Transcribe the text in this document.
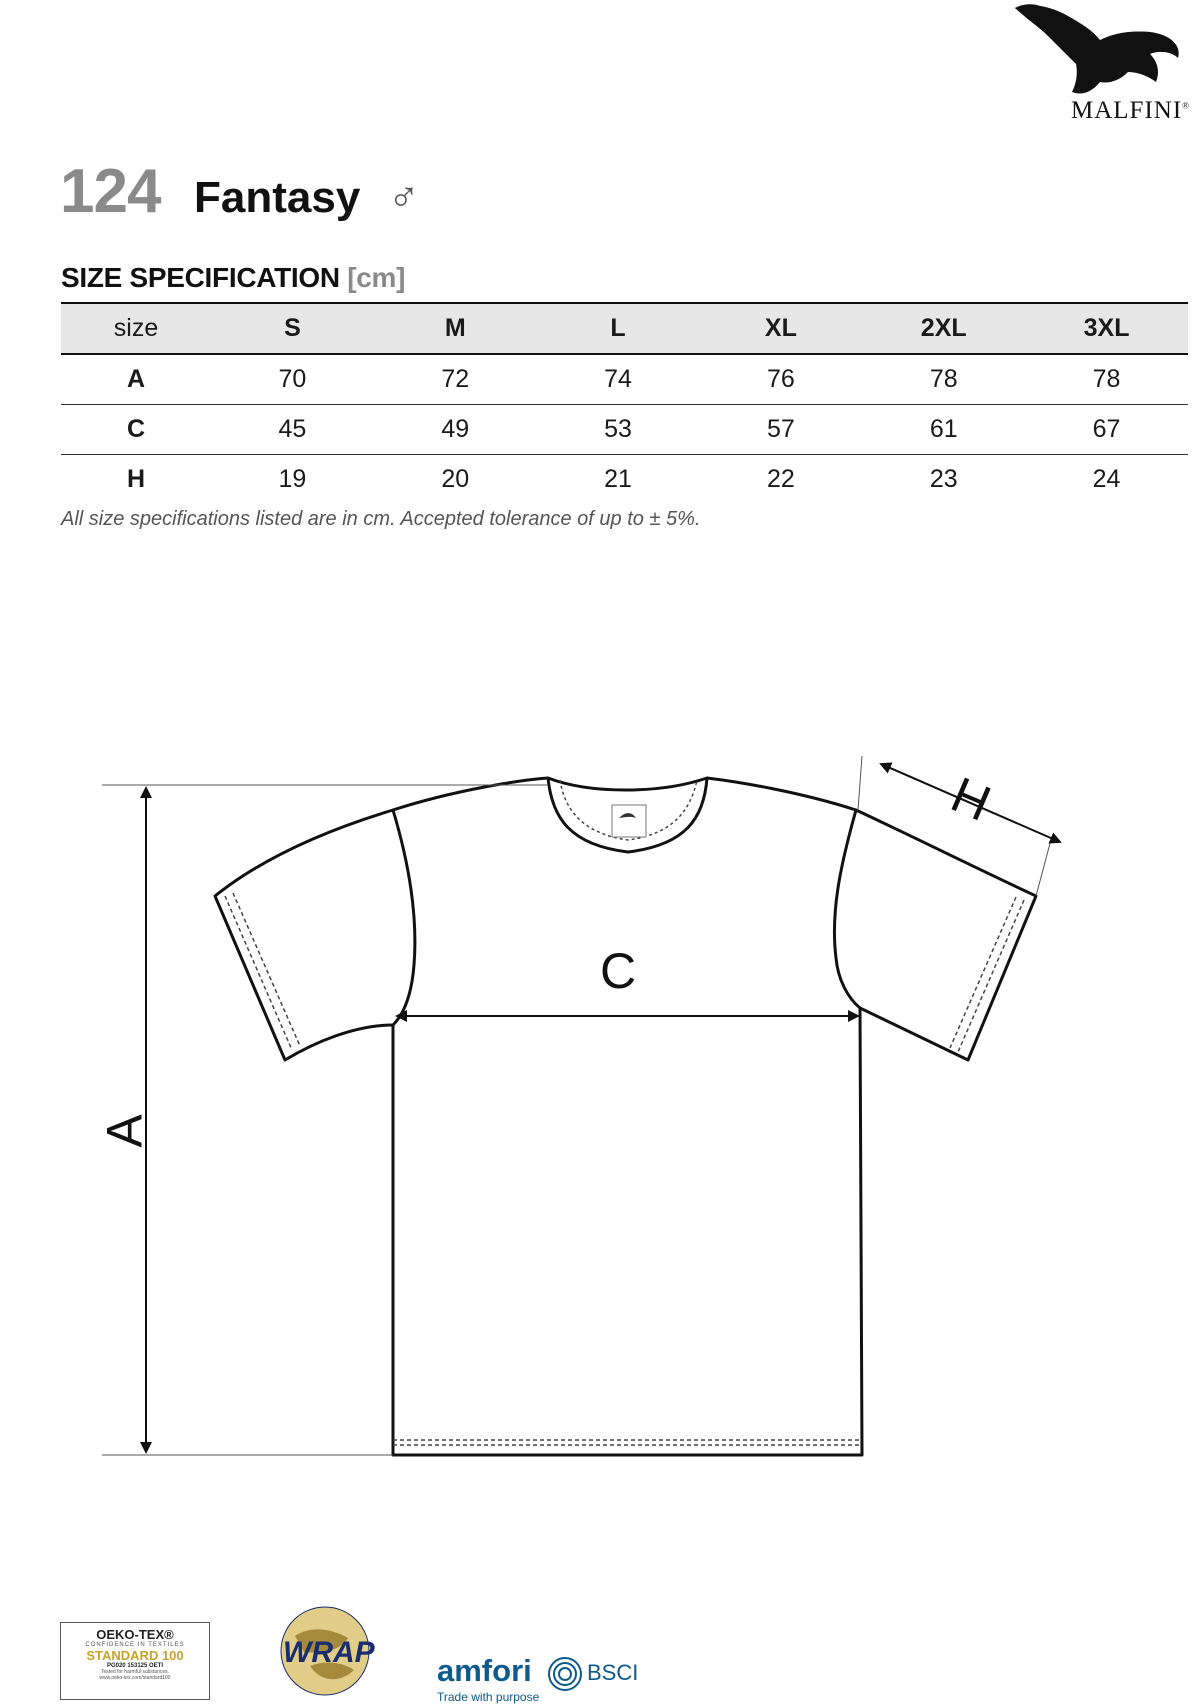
MALFINI®
124 Fantasy ♂
SIZE SPECIFICATION [cm]
size	S	M	L	XL	2XL	3XL
A	70	72	74	76	78	78
C	45	49	53	57	61	67
H	19	20	21	22	23	24
All size specifications listed are in cm. Accepted tolerance of up to ± 5%.
C
H
A
OEKO-TEX®
CONFIDENCE IN TEXTILES
STANDARD 100
PG020 153125 OETI
Tested for harmful substances.
www.oeko-tex.com/standard100
WRAP
amfori	BSCI
Trade with purpose
